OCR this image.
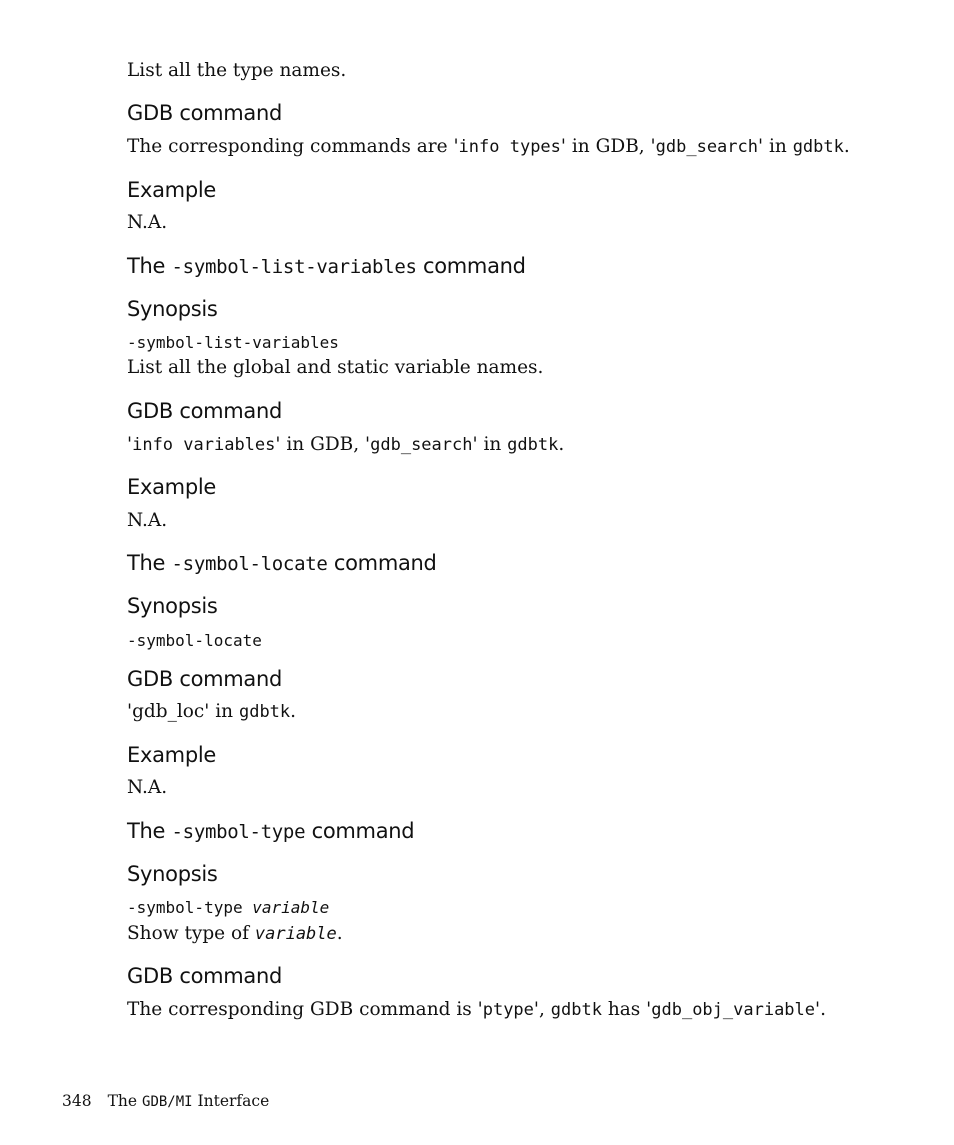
List all the type names.
GDB command
The corresponding commands are 'info types' in GDB, 'gdb_search' in gdbtk.
Example
N.A.
The -symbol-list-variables command
Synopsis
-symbol-list-variables
List all the global and static variable names.
GDB command
'info variables' in GDB, 'gdb_search' in gdbtk.
Example
N.A.
The -symbol-locate command
Synopsis
-symbol-locate
GDB command
'gdb_loc' in gdbtk.
Example
N.A.
The -symbol-type command
Synopsis
-symbol-type variable
Show type of variable.
GDB command
The corresponding GDB command is 'ptype', gdbtk has 'gdb_obj_variable'.
348 The GDB/MI Interface
